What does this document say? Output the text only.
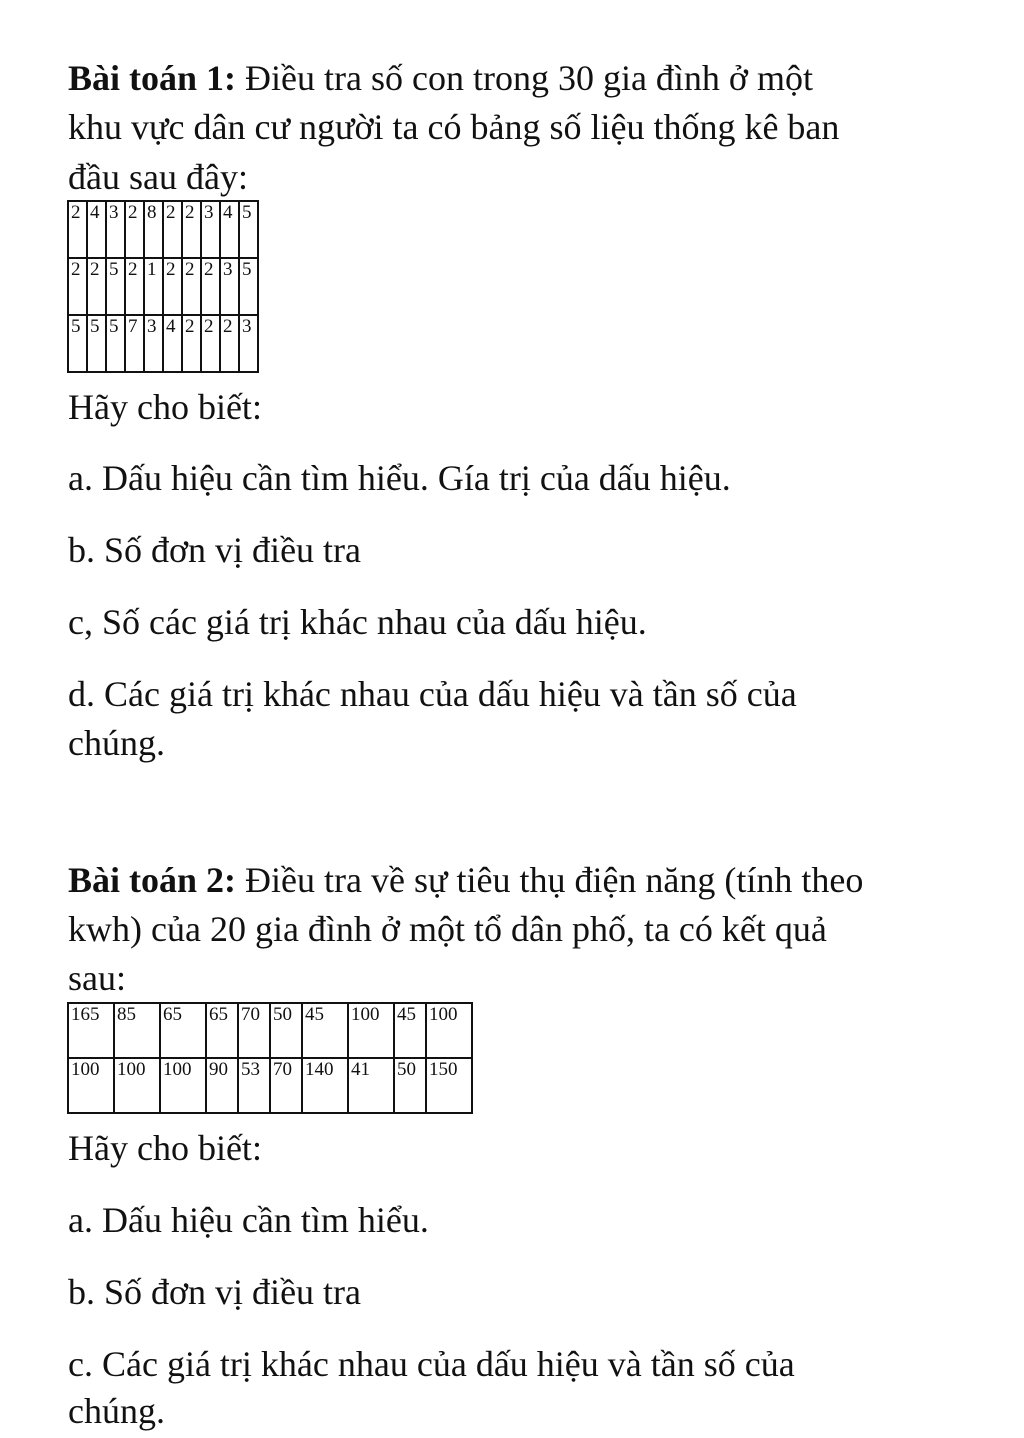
Bài toán 1: Điều tra số con trong 30 gia đình ở một

khu vực dân cư người ta có bảng số liệu thống kê ban

đầu sau đây:

2	4	3	2	8	2	2	3	4	5
2	2	5	2	1	2	2	2	3	5
5	5	5	7	3	4	2	2	2	3

Hãy cho biết:

a. Dấu hiệu cần tìm hiểu. Gía trị của dấu hiệu.

b. Số đơn vị điều tra

c, Số các giá trị khác nhau của dấu hiệu.

d. Các giá trị khác nhau của dấu hiệu và tần số của

chúng.

Bài toán 2: Điều tra về sự tiêu thụ điện năng (tính theo

kwh) của 20 gia đình ở một tổ dân phố, ta có kết quả

sau:

165	85	65	65	70	50	45	100	45	100
100	100	100	90	53	70	140	41	50	150

Hãy cho biết:

a. Dấu hiệu cần tìm hiểu.

b. Số đơn vị điều tra

c. Các giá trị khác nhau của dấu hiệu và tần số của

chúng.
